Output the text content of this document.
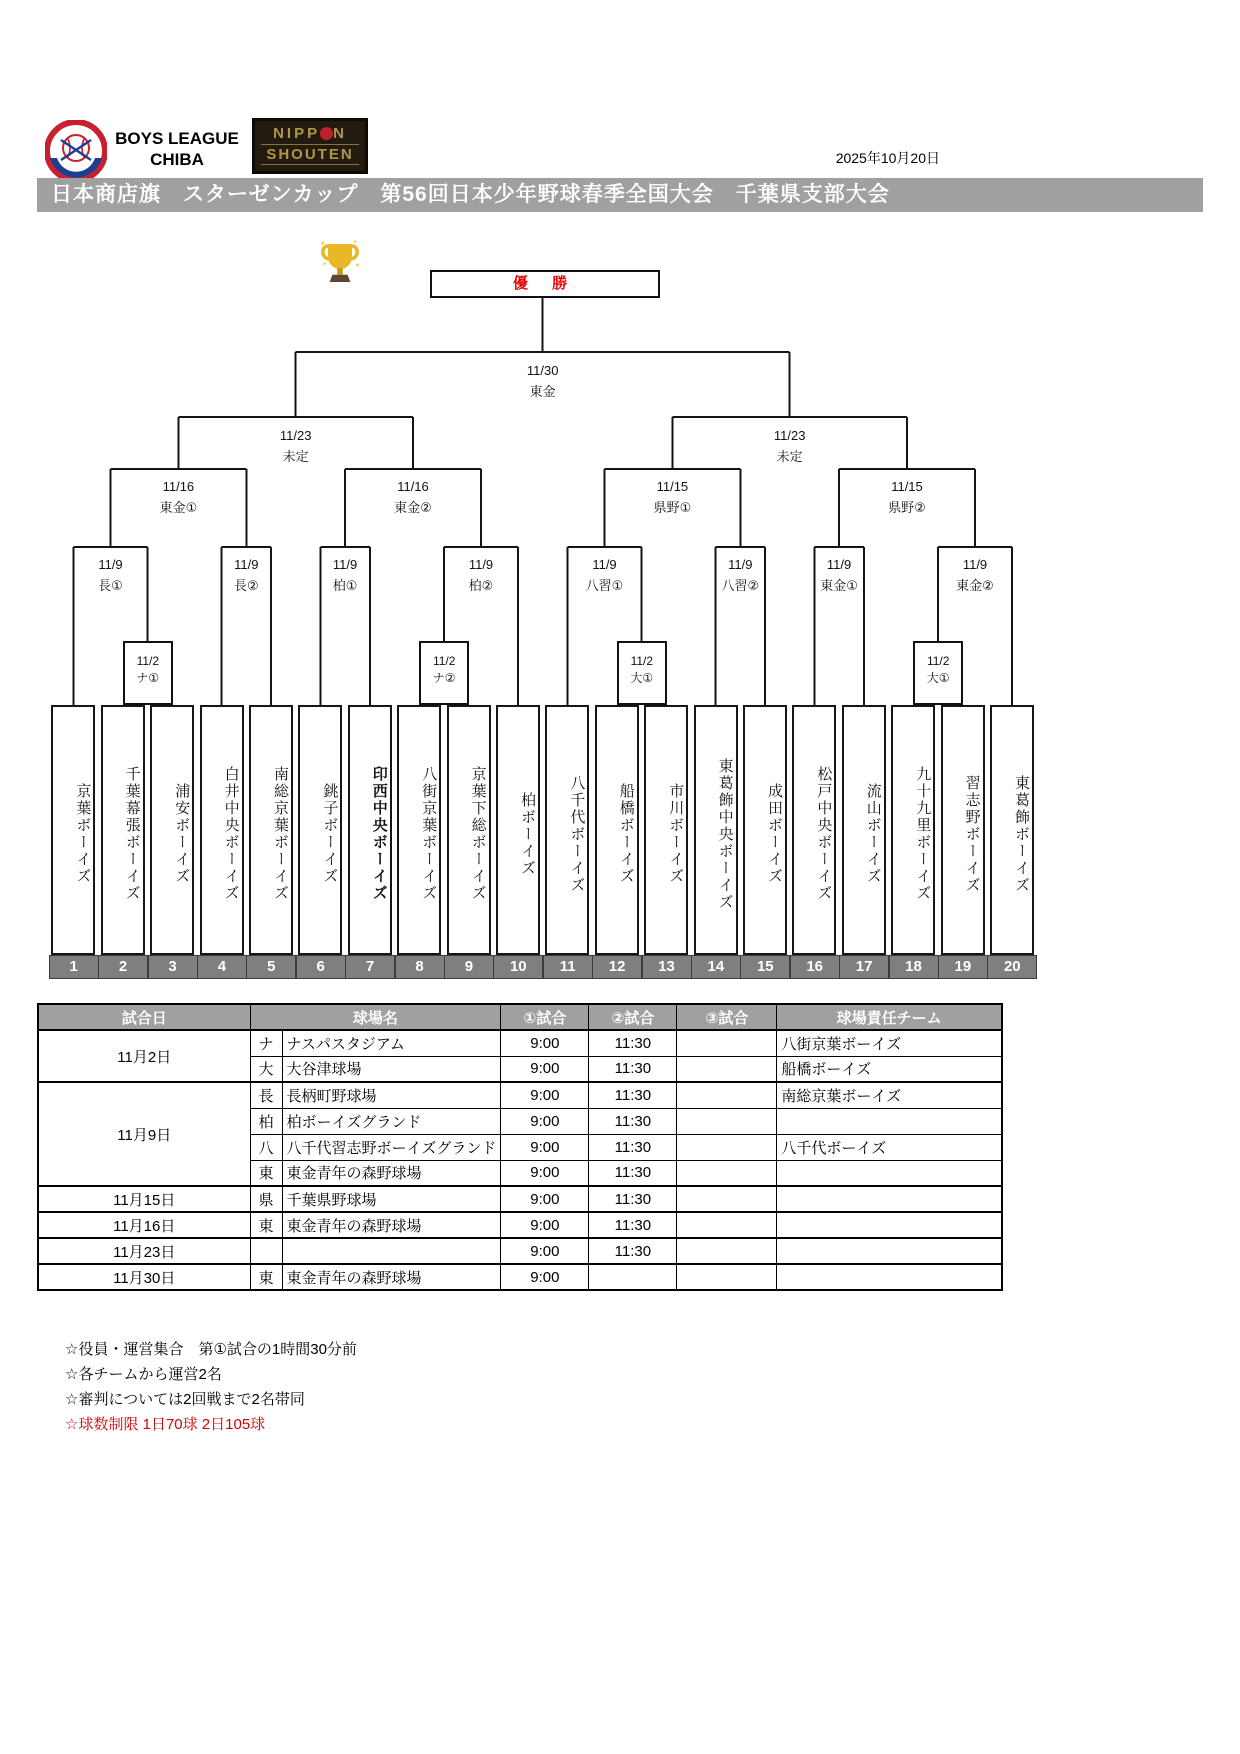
BOYS LEAGUE
CHIBA
NIPP N
SHOUTEN	2025年10月20日
日本商店旗　スターゼンカップ　第56回日本少年野球春季全国大会　千葉県支部大会
優 勝
11/30
東金
11/23
未定
11/23
未定
11/16
東金①
11/16
東金②
11/15
県野①
11/15
県野②
11/9
長①
11/9
長②
11/9
柏①
11/9
柏②
11/9
八習①
11/9
八習②
11/9
東金①
11/9
東金②
11/2
ナ①
11/2
ナ②
11/2
大①
11/2
大①
京葉ボーイズ	千葉幕張ボーイズ	浦安ボーイズ	白井中央ボーイズ	南総京葉ボーイズ	銚子ボーイズ	印西中央ボーイズ	八街京葉ボーイズ	京葉下総ボーイズ	柏ボーイズ	八千代ボーイズ	船橋ボーイズ	市川ボーイズ	東葛飾中央ボーイズ	成田ボーイズ	松戸中央ボーイズ	流山ボーイズ	九十九里ボーイズ	習志野ボーイズ	東葛飾ボーイズ
1	2	3	4	5	6	7	8	9	10	11	12	13	14	15	16	17	18	19	20
試合日	球場名		①試合	②試合	③試合	球場責任チーム
11月2日	ナ	ナスパスタジアム	9:00	11:30		八街京葉ボーイズ
	大	大谷津球場	9:00	11:30		船橋ボーイズ
11月9日	長	長柄町野球場	9:00	11:30		南総京葉ボーイズ
	柏	柏ボーイズグランド	9:00	11:30		
	八	八千代習志野ボーイズグランド	9:00	11:30		八千代ボーイズ
	東	東金青年の森野球場	9:00	11:30		
11月15日	県	千葉県野球場	9:00	11:30		
11月16日	東	東金青年の森野球場	9:00	11:30		
11月23日			9:00	11:30		
11月30日	東	東金青年の森野球場	9:00			
☆役員・運営集合　第①試合の1時間30分前
☆各チームから運営2名
☆審判については2回戦まで2名帯同
☆球数制限 1日70球 2日105球
